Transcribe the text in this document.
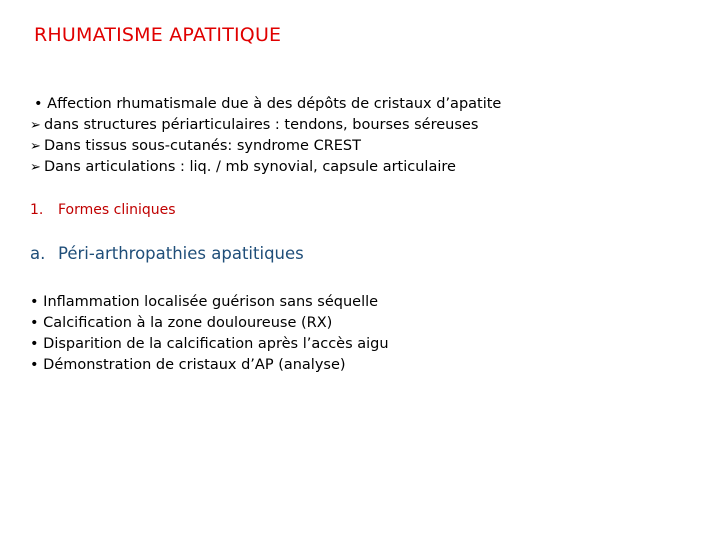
RHUMATISME APATITIQUE
• Affection rhumatismale due à des dépôts de cristaux d’apatite
➢ dans structures périarticulaires : tendons, bourses séreuses
➢ Dans tissus sous-cutanés: syndrome CREST
➢ Dans articulations : liq. / mb synovial, capsule articulaire
1. Formes cliniques
a. Péri-arthropathies apatitiques
• Inflammation localisée guérison sans séquelle
• Calcification à la zone douloureuse (RX)
• Disparition de la calcification après l’accès aigu
• Démonstration de cristaux d’AP (analyse)
